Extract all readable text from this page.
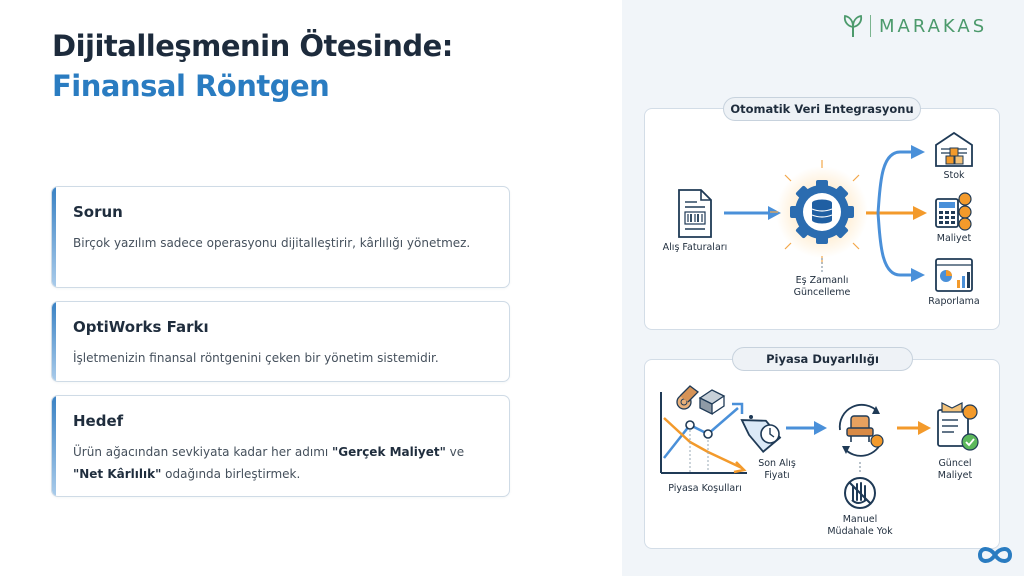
Dijitalleşmenin Ötesinde:
Finansal Röntgen
Sorun

Birçok yazılım sadece operasyonu dijitalleştirir, kârlılığı yönetmez.

OptiWorks Farkı

İşletmenizin finansal röntgenini çeken bir yönetim sistemidir.

Hedef

Ürün ağacından sevkiyata kadar her adımı "Gerçek Maliyet" ve "Net Kârlılık" odağında birleştirmek.

MARAKAS
Otomatik Veri Entegrasyonu
Piyasa Duyarlılığı
Alış Faturaları
Eş Zamanlı
Güncelleme
Stok
Maliyet
Raporlama
Piyasa Koşulları
Son Alış
Fiyatı
Manuel
Müdahale Yok
Güncel
Maliyet
